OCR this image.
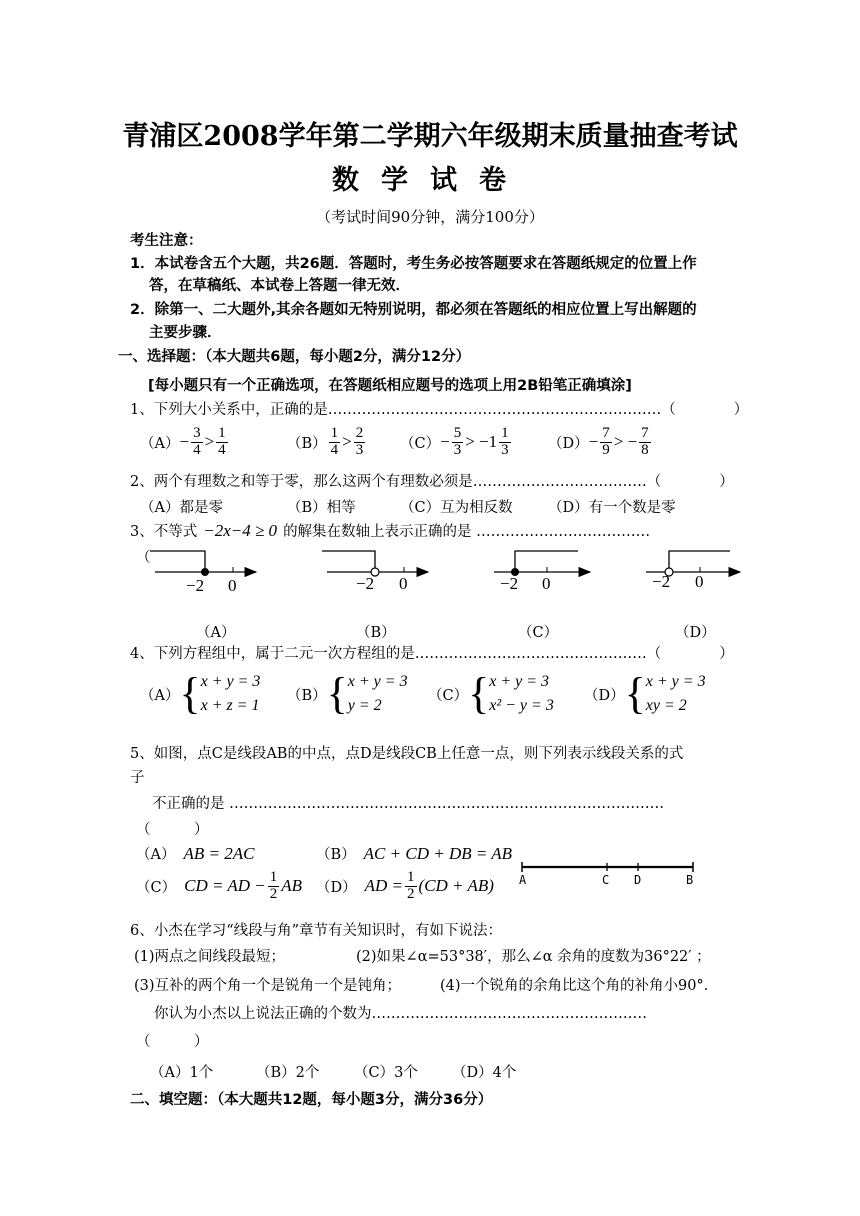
青浦区2008学年第二学期六年级期末质量抽查考试
数学试卷
（考试时间90分钟，满分100分）
考生注意：
1．本试卷含五个大题，共26题．答题时，考生务必按答题要求在答题纸规定的位置上作
答，在草稿纸、本试卷上答题一律无效．
2．除第一、二大题外,其余各题如无特别说明，都必须在答题纸的相应位置上写出解题的
主要步骤．
一、选择题：（本大题共6题，每小题2分，满分12分）
[每小题只有一个正确选项，在答题纸相应题号的选项上用2B铅笔正确填涂]
1、下列大小关系中，正确的是……………………………………………………………（　　　　）
$(A) - \frac{3}{4} > \frac{1}{4}$	$(B) \frac{1}{4} > \frac{2}{3} (C) - \frac{5}{3} > -1 \frac{1}{3}$	$(D) - \frac{7}{9}$ > − $\frac{7}{8}$
2、两个有理数之和等于零，那么这两个有理数必须是………………………………（　　　　）
（A）都是零	（B）相等	（C）互为相反数 （D）有一个数是零
3、不等式 −2x−4 ≥ 0 的解集在数轴上表示正确的是 ………………………………
（
−2 0	−2 0	−2 0	−2 0
（A）	（B）	（C）	（D）
4、下列方程组中，属于二元一次方程组的是…………………………………………（　　　　）
（A） { x + y = 3
x + z = 1
（B） { x + y = 3
y = 2
（C） { x + y = 3
x² − y = 3
（D） { x + y = 3
xy = 2
5、如图，点C是线段AB的中点，点D是线段CB上任意一点，则下列表示线段关系的式
子
不正确的是 ………………………………………………………………………………
（　　　）
（A） AB = 2AC	（B） AC + CD + DB = AB
（C） CD = AD − $\frac{1}{2}$ AB （D） AD = $\frac{1}{2} (CD + AB)$ A	C D	B
6、小杰在学习“线段与角”章节有关知识时，有如下说法：
(1)两点之间线段最短；	(2)如果∠α=53°38′，那么∠α 余角的度数为36°22′ ；
(3)互补的两个角一个是锐角一个是钝角；	(4)一个锐角的余角比这个角的补角小90°．
你认为小杰以上说法正确的个数为…………………………………………………
（　　　）
（A）1个	（B）2个 （C）3个 （D）4个
二、填空题：（本大题共12题，每小题3分，满分36分）
